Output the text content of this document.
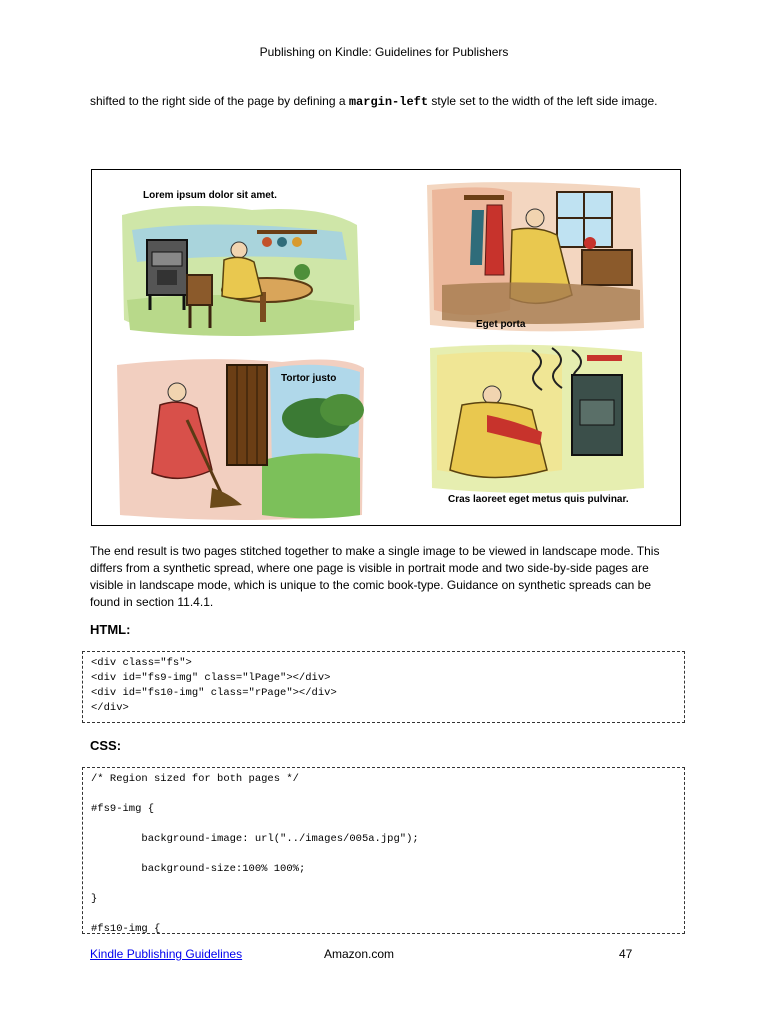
Publishing on Kindle: Guidelines for Publishers
shifted to the right side of the page by defining a margin-left style set to the width of the left side image.
Lorem ipsum dolor sit amet.
Eget porta
Tortor justo
Cras laoreet eget metus quis pulvinar.
The end result is two pages stitched together to make a single image to be viewed in landscape mode. This differs from a synthetic spread, where one page is visible in portrait mode and two side-by-side pages are visible in landscape mode, which is unique to the comic book-type. Guidance on synthetic spreads can be found in section 11.4.1.
HTML:
<div class="fs">
<div id="fs9-img" class="lPage"></div>
<div id="fs10-img" class="rPage"></div>
</div>
CSS:
/* Region sized for both pages */

#fs9-img {

	background-image: url("../images/005a.jpg");

	background-size:100% 100%;

}

#fs10-img {
Kindle Publishing Guidelines	Amazon.com	47
